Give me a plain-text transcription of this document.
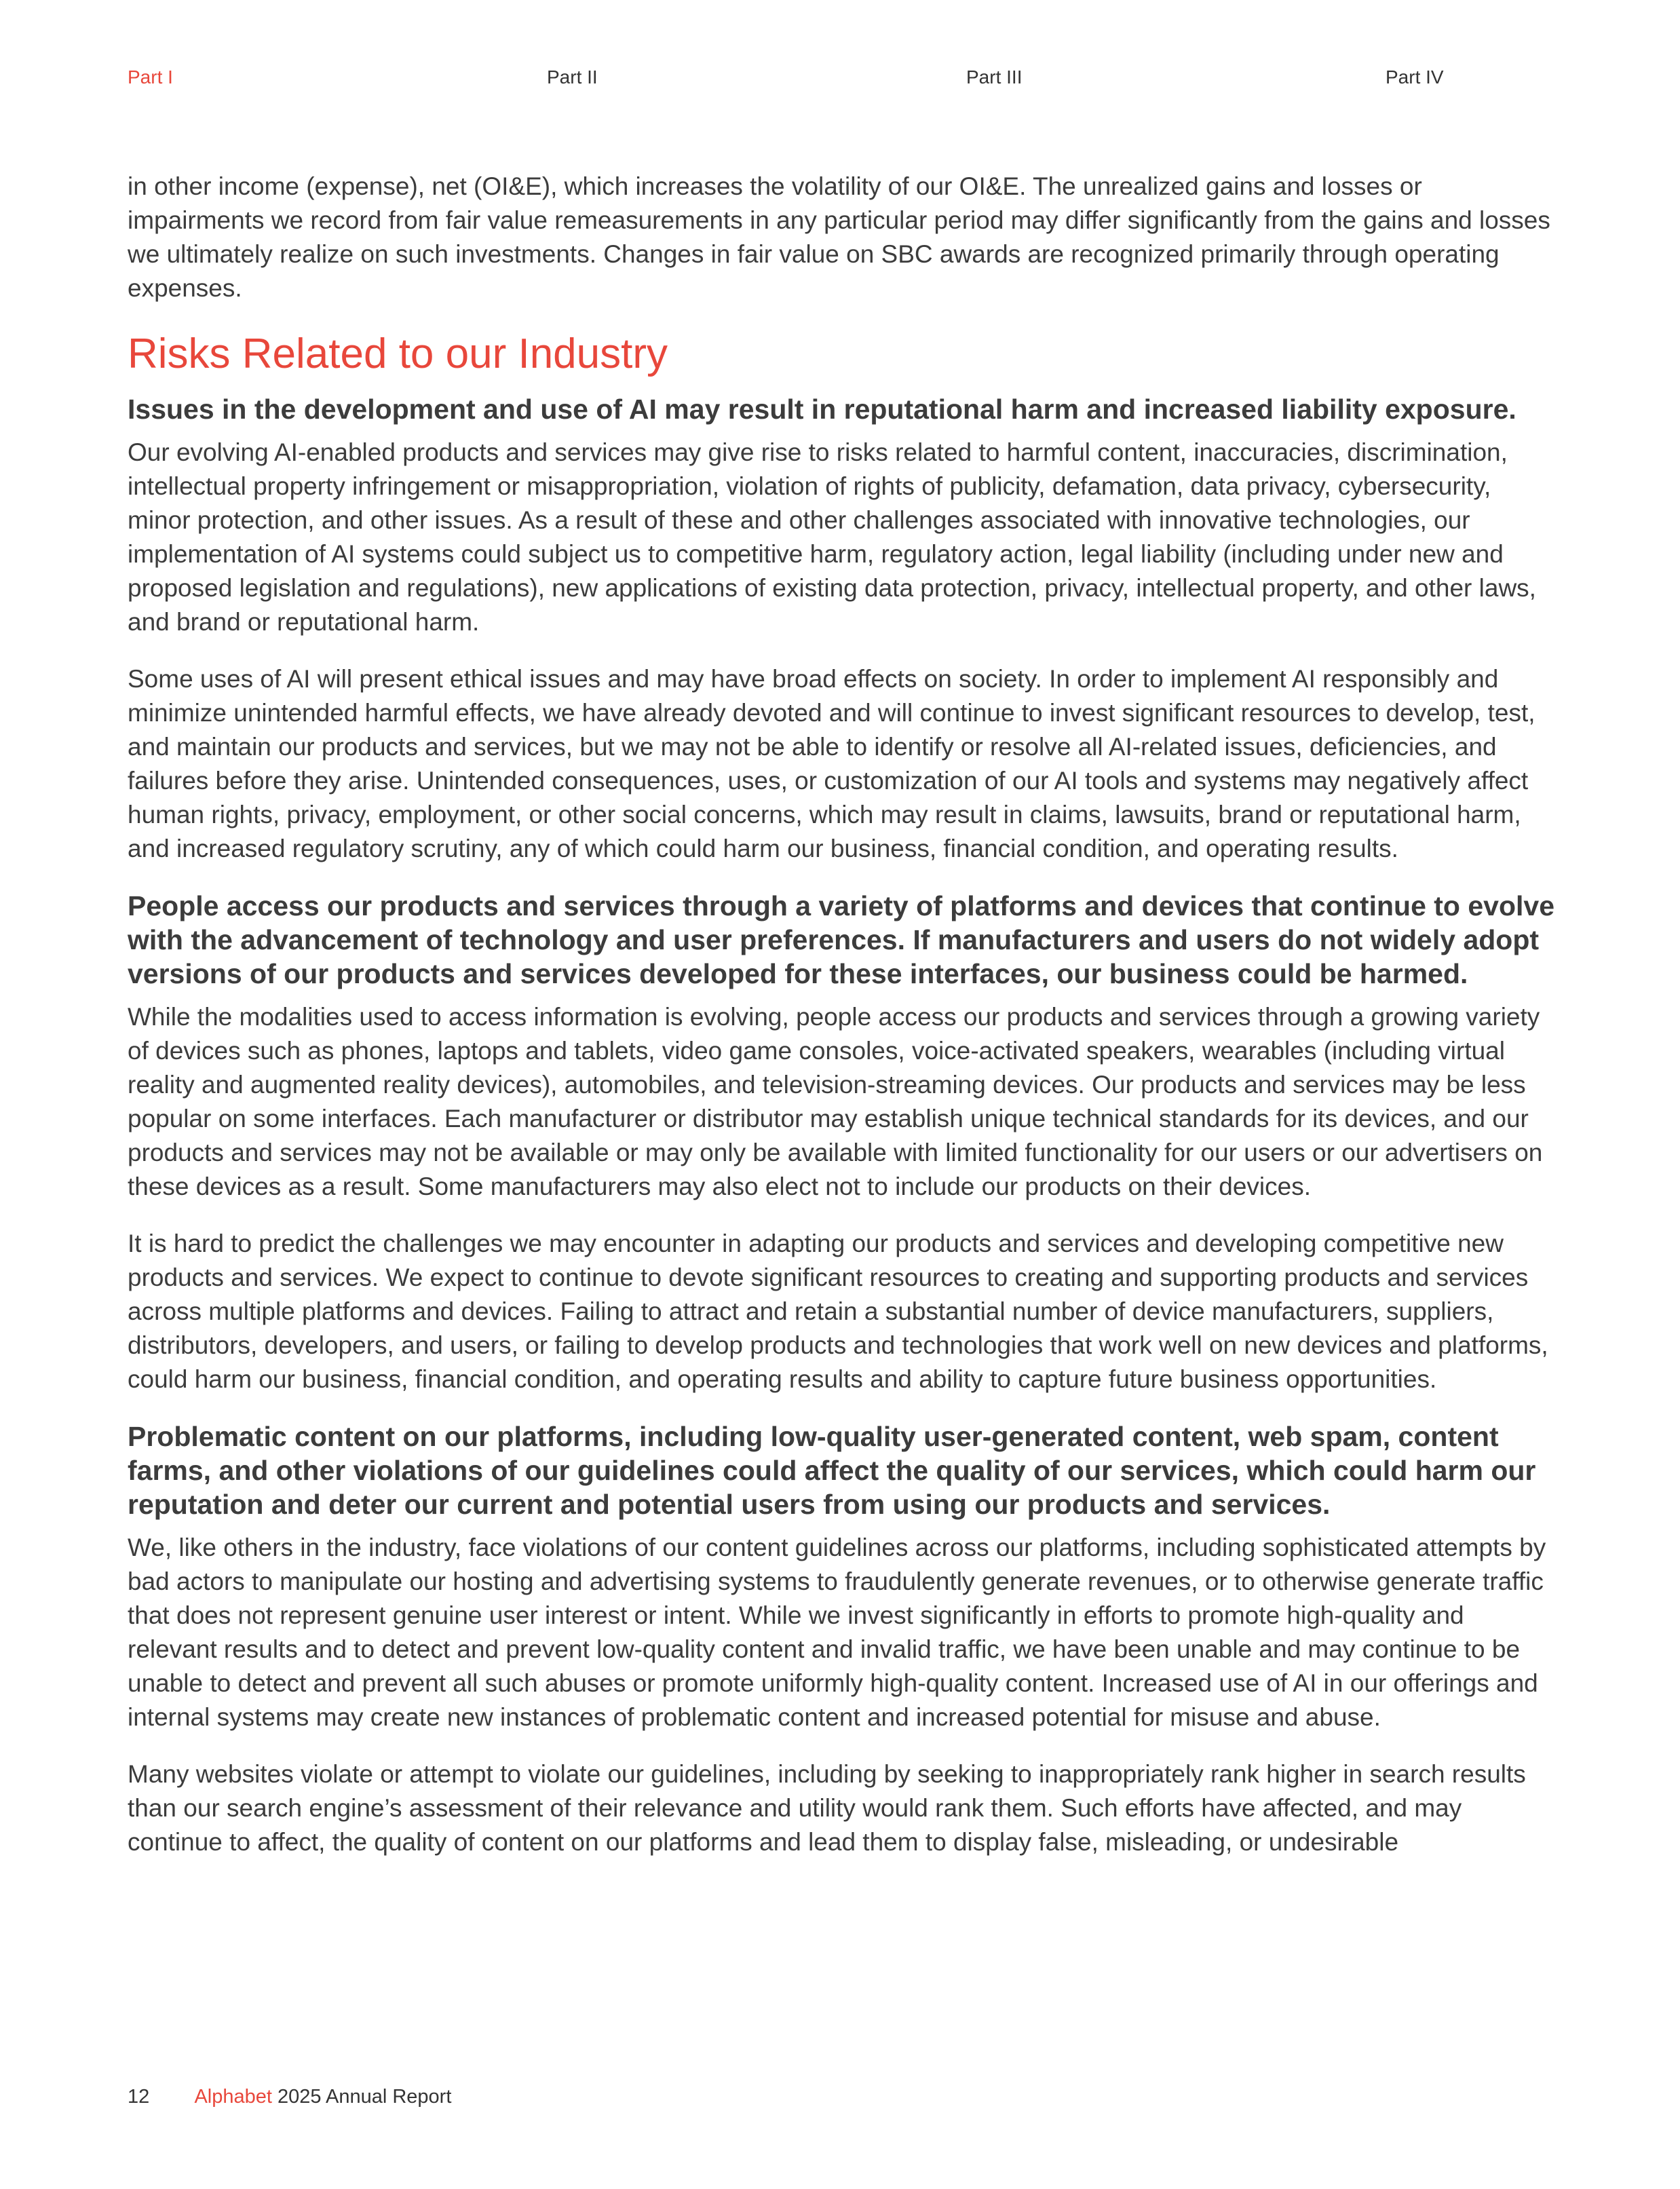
Part I	Part II	Part III	Part IV

in other income (expense), net (OI&E), which increases the volatility of our OI&E. The unrealized gains and losses or impairments we record from fair value remeasurements in any particular period may differ significantly from the gains and losses we ultimately realize on such investments. Changes in fair value on SBC awards are recognized primarily through operating expenses.

Risks Related to our Industry
Issues in the development and use of AI may result in reputational harm and increased liability exposure.

Our evolving AI-enabled products and services may give rise to risks related to harmful content, inaccuracies, discrimination, intellectual property infringement or misappropriation, violation of rights of publicity, defamation, data privacy, cybersecurity, minor protection, and other issues. As a result of these and other challenges associated with innovative technologies, our implementation of AI systems could subject us to competitive harm, regulatory action, legal liability (including under new and proposed legislation and regulations), new applications of existing data protection, privacy, intellectual property, and other laws, and brand or reputational harm.

Some uses of AI will present ethical issues and may have broad effects on society. In order to implement AI responsibly and minimize unintended harmful effects, we have already devoted and will continue to invest significant resources to develop, test, and maintain our products and services, but we may not be able to identify or resolve all AI-related issues, deficiencies, and failures before they arise. Unintended consequences, uses, or customization of our AI tools and systems may negatively affect human rights, privacy, employment, or other social concerns, which may result in claims, lawsuits, brand or reputational harm, and increased regulatory scrutiny, any of which could harm our business, financial condition, and operating results.

People access our products and services through a variety of platforms and devices that continue to evolve with the advancement of technology and user preferences. If manufacturers and users do not widely adopt versions of our products and services developed for these interfaces, our business could be harmed.

While the modalities used to access information is evolving, people access our products and services through a growing variety of devices such as phones, laptops and tablets, video game consoles, voice-activated speakers, wearables (including virtual reality and augmented reality devices), automobiles, and television-streaming devices. Our products and services may be less popular on some interfaces. Each manufacturer or distributor may establish unique technical standards for its devices, and our products and services may not be available or may only be available with limited functionality for our users or our advertisers on these devices as a result. Some manufacturers may also elect not to include our products on their devices.

It is hard to predict the challenges we may encounter in adapting our products and services and developing competitive new products and services. We expect to continue to devote significant resources to creating and supporting products and services across multiple platforms and devices. Failing to attract and retain a substantial number of device manufacturers, suppliers, distributors, developers, and users, or failing to develop products and technologies that work well on new devices and platforms, could harm our business, financial condition, and operating results and ability to capture future business opportunities.

Problematic content on our platforms, including low-quality user-generated content, web spam, content farms, and other violations of our guidelines could affect the quality of our services, which could harm our reputation and deter our current and potential users from using our products and services.

We, like others in the industry, face violations of our content guidelines across our platforms, including sophisticated attempts by bad actors to manipulate our hosting and advertising systems to fraudulently generate revenues, or to otherwise generate traffic that does not represent genuine user interest or intent. While we invest significantly in efforts to promote high-quality and relevant results and to detect and prevent low-quality content and invalid traffic, we have been unable and may continue to be unable to detect and prevent all such abuses or promote uniformly high-quality content. Increased use of AI in our offerings and internal systems may create new instances of problematic content and increased potential for misuse and abuse.

Many websites violate or attempt to violate our guidelines, including by seeking to inappropriately rank higher in search results than our search engine’s assessment of their relevance and utility would rank them. Such efforts have affected, and may continue to affect, the quality of content on our platforms and lead them to display false, misleading, or undesirable

12 Alphabet 2025 Annual Report
